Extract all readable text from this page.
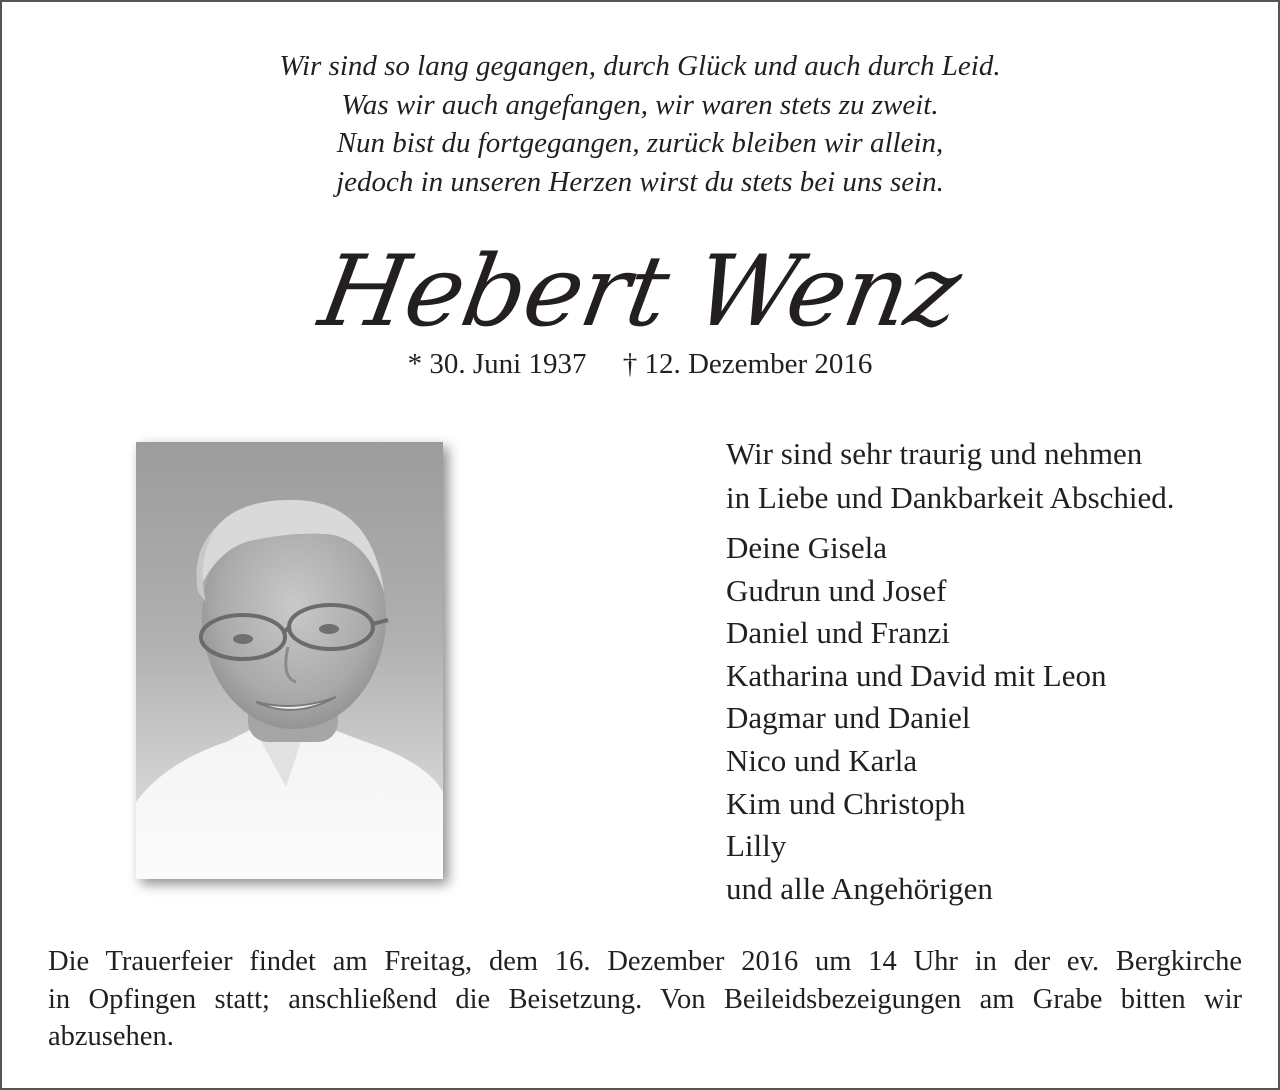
Wir sind so lang gegangen, durch Glück und auch durch Leid.
Was wir auch angefangen, wir waren stets zu zweit.
Nun bist du fortgegangen, zurück bleiben wir allein,
jedoch in unseren Herzen wirst du stets bei uns sein.
Hebert Wenz
* 30. Juni 1937 † 12. Dezember 2016
Wir sind sehr traurig und nehmen
in Liebe und Dankbarkeit Abschied.
Deine Gisela
Gudrun und Josef
Daniel und Franzi
Katharina und David mit Leon
Dagmar und Daniel
Nico und Karla
Kim und Christoph
Lilly
und alle Angehörigen
Die Trauerfeier findet am Freitag, dem 16. Dezember 2016 um 14 Uhr in der ev. Bergkirche
in Opfingen statt; anschließend die Beisetzung. Von Beileidsbezeigungen am Grabe bitten wir
abzusehen.
